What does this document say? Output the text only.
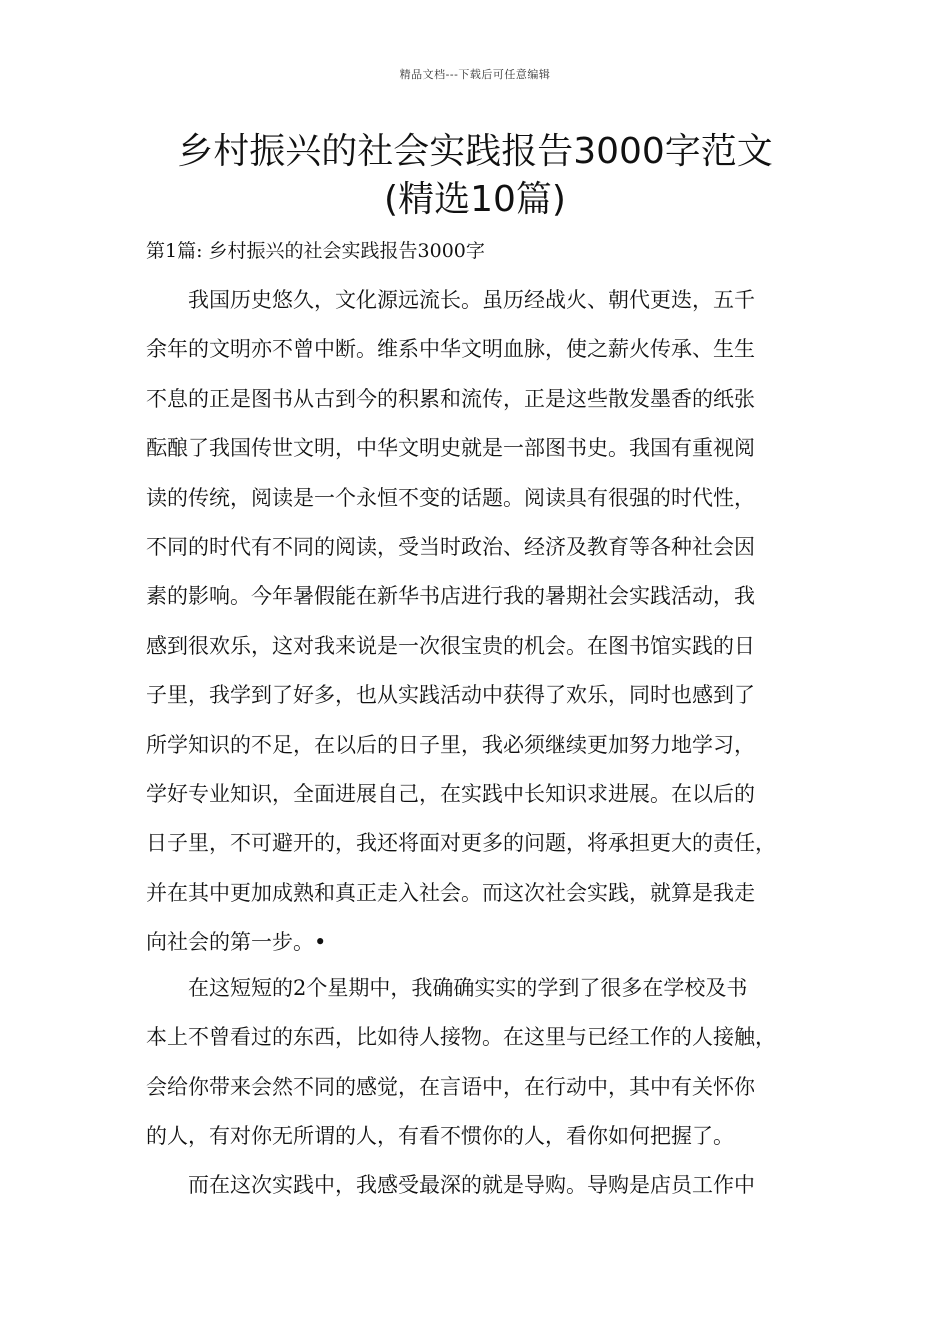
精品文档---下载后可任意编辑
乡村振兴的社会实践报告3000字范文
(精选10篇)
第1篇: 乡村振兴的社会实践报告3000字

我国历史悠久，文化源远流长。虽历经战火、朝代更迭，五千
余年的文明亦不曾中断。维系中华文明血脉，使之薪火传承、生生
不息的正是图书从古到今的积累和流传，正是这些散发墨香的纸张
酝酿了我国传世文明，中华文明史就是一部图书史。我国有重视阅
读的传统，阅读是一个永恒不变的话题。阅读具有很强的时代性，
不同的时代有不同的阅读，受当时政治、经济及教育等各种社会因
素的影响。今年暑假能在新华书店进行我的暑期社会实践活动，我
感到很欢乐，这对我来说是一次很宝贵的机会。在图书馆实践的日
子里，我学到了好多，也从实践活动中获得了欢乐，同时也感到了
所学知识的不足，在以后的日子里，我必须继续更加努力地学习，
学好专业知识，全面进展自己，在实践中长知识求进展。在以后的
日子里，不可避开的，我还将面对更多的问题，将承担更大的责任，
并在其中更加成熟和真正走入社会。而这次社会实践，就算是我走
向社会的第一步。•

在这短短的2个星期中，我确确实实的学到了很多在学校及书
本上不曾看过的东西，比如待人接物。在这里与已经工作的人接触，
会给你带来会然不同的感觉，在言语中，在行动中，其中有关怀你
的人，有对你无所谓的人，有看不惯你的人，看你如何把握了。

而在这次实践中，我感受最深的就是导购。导购是店员工作中
